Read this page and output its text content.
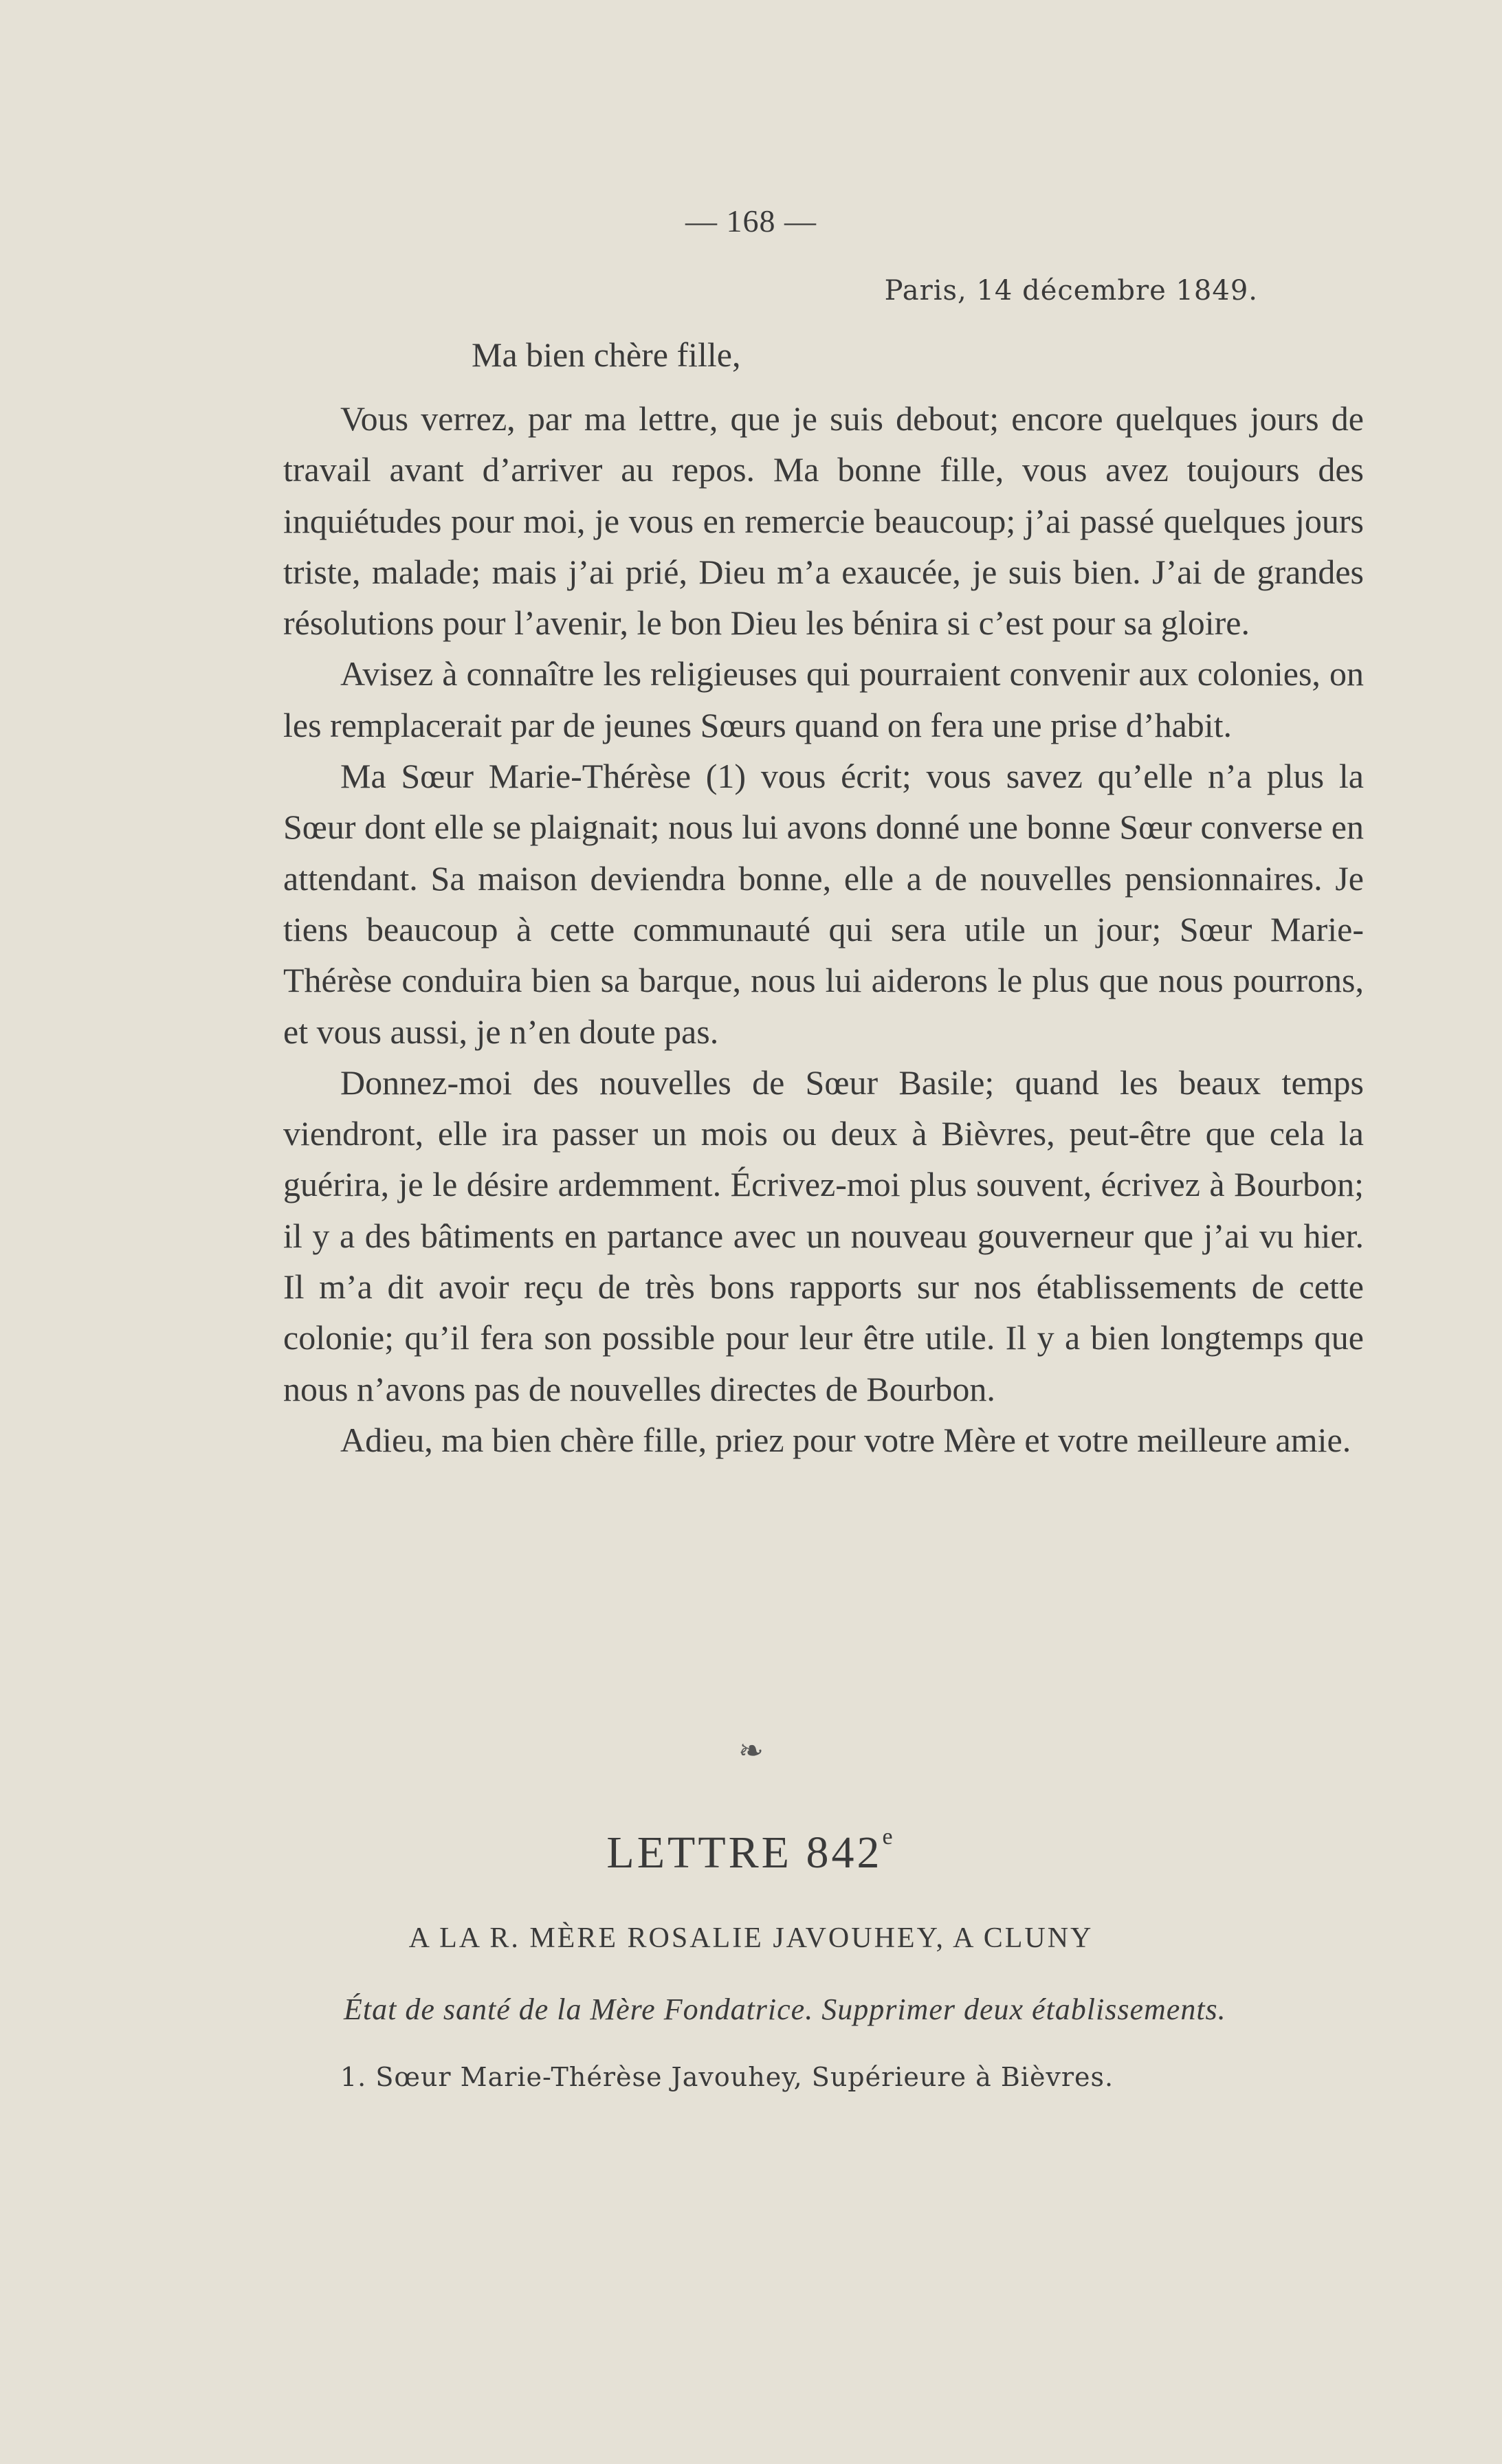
— 168 —
Paris, 14 décembre 1849.
Ma bien chère fille,

Vous verrez, par ma lettre, que je suis debout; encore quelques jours de travail avant d’arriver au repos. Ma bonne fille, vous avez toujours des inquiétudes pour moi, je vous en remercie beaucoup; j’ai passé quelques jours triste, malade; mais j’ai prié, Dieu m’a exaucée, je suis bien. J’ai de grandes résolutions pour l’avenir, le bon Dieu les bénira si c’est pour sa gloire.

Avisez à connaître les religieuses qui pourraient convenir aux colonies, on les remplacerait par de jeunes Sœurs quand on fera une prise d’habit.

Ma Sœur Marie-Thérèse (1) vous écrit; vous savez qu’elle n’a plus la Sœur dont elle se plaignait; nous lui avons donné une bonne Sœur converse en attendant. Sa maison deviendra bonne, elle a de nouvelles pensionnaires. Je tiens beaucoup à cette communauté qui sera utile un jour; Sœur Marie-Thérèse conduira bien sa barque, nous lui aiderons le plus que nous pourrons, et vous aussi, je n’en doute pas.

Donnez-moi des nouvelles de Sœur Basile; quand les beaux temps viendront, elle ira passer un mois ou deux à Bièvres, peut-être que cela la guérira, je le désire ardemment. Écrivez-moi plus souvent, écrivez à Bourbon; il y a des bâtiments en partance avec un nouveau gouverneur que j’ai vu hier. Il m’a dit avoir reçu de très bons rapports sur nos établissements de cette colonie; qu’il fera son possible pour leur être utile. Il y a bien longtemps que nous n’avons pas de nouvelles directes de Bourbon.

Adieu, ma bien chère fille, priez pour votre Mère et votre meilleure amie.

❧
LETTRE 842e
A LA R. MÈRE ROSALIE JAVOUHEY, A CLUNY
État de santé de la Mère Fondatrice. Supprimer deux établissements.
1. Sœur Marie-Thérèse Javouhey, Supérieure à Bièvres.
